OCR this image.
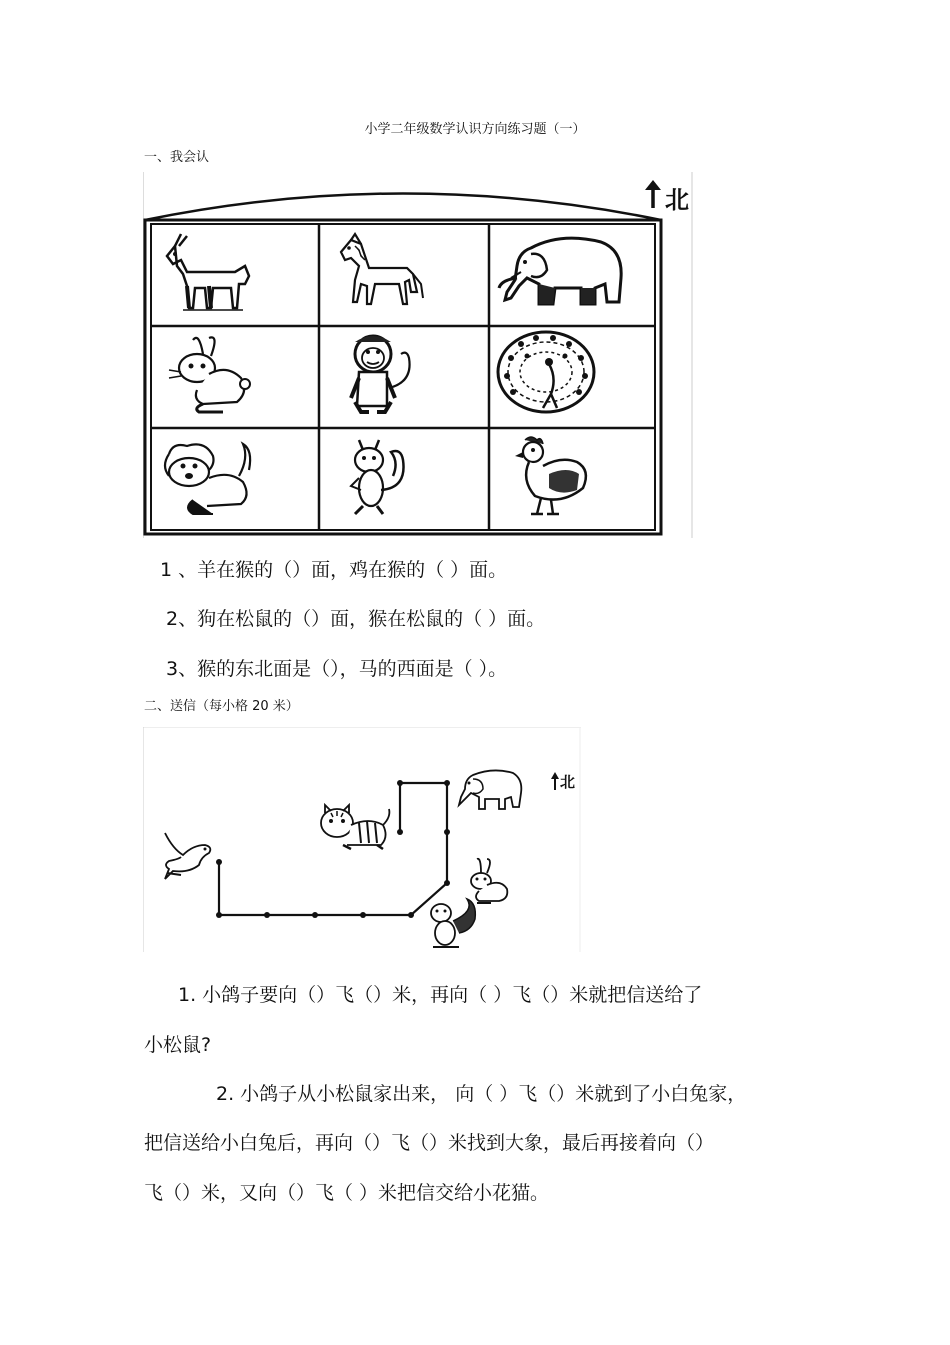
小学二年级数学认识方向练习题（一）
一、我会认
北
1 、羊在猴的（）面，鸡在猴的（ ）面。
2、狗在松鼠的（）面，猴在松鼠的（ ）面。
3、猴的东北面是（），马的西面是（ ）。
二、送信（每小格 20 米）
北
1. 小鸽子要向（）飞（）米，再向（ ）飞（）米就把信送给了
小松鼠?
2. 小鸽子从小松鼠家出来， 向（ ）飞（）米就到了小白兔家，
把信送给小白兔后，再向（）飞（）米找到大象，最后再接着向（）
飞（）米，又向（）飞（ ）米把信交给小花猫。
